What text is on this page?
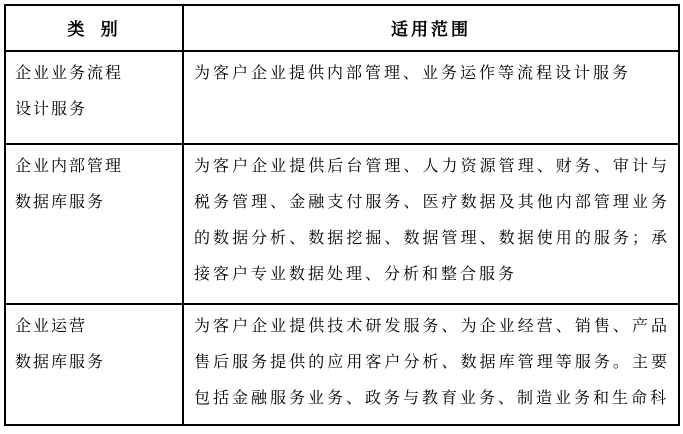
类 别	适用范围

企业业务流程
设计服务	为客户企业提供内部管理、业务运作等流程设计服务

企业内部管理
数据库服务	为客户企业提供后台管理、人力资源管理、财务、审计与税务管理、金融支付服务、医疗数据及其他内部管理业务的数据分析、数据挖掘、数据管理、数据使用的服务；承接客户专业数据处理、分析和整合服务

企业运营
数据库服务	为客户企业提供技术研发服务、为企业经营、销售、产品售后服务提供的应用客户分析、数据库管理等服务。主要包括金融服务业务、政务与教育业务、制造业务和生命科
